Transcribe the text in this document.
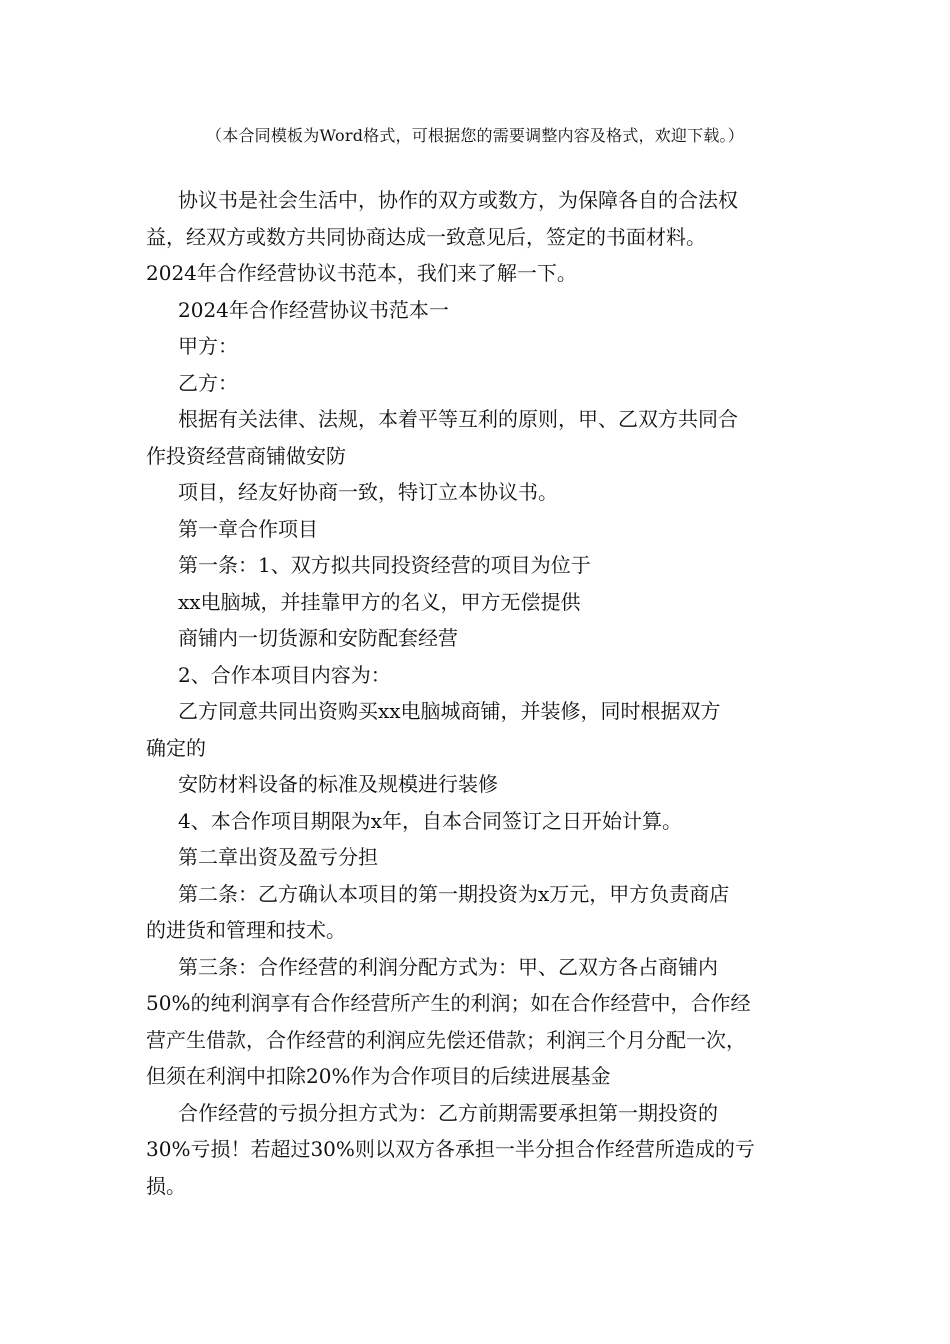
（本合同模板为Word格式，可根据您的需要调整内容及格式，欢迎下载。）

协议书是社会生活中，协作的双方或数方，为保障各自的合法权

益，经双方或数方共同协商达成一致意见后，签定的书面材料。

2024年合作经营协议书范本，我们来了解一下。

2024年合作经营协议书范本一

甲方：

乙方：

根据有关法律、法规，本着平等互利的原则，甲、乙双方共同合

作投资经营商铺做安防

项目，经友好协商一致，特订立本协议书。

第一章合作项目

第一条：1、双方拟共同投资经营的项目为位于

xx电脑城，并挂靠甲方的名义，甲方无偿提供

商铺内一切货源和安防配套经营

2、合作本项目内容为：

乙方同意共同出资购买xx电脑城商铺，并装修，同时根据双方

确定的

安防材料设备的标准及规模进行装修

4、本合作项目期限为x年，自本合同签订之日开始计算。

第二章出资及盈亏分担

第二条：乙方确认本项目的第一期投资为x万元，甲方负责商店

的进货和管理和技术。

第三条：合作经营的利润分配方式为：甲、乙双方各占商铺内

50%的纯利润享有合作经营所产生的利润；如在合作经营中，合作经

营产生借款，合作经营的利润应先偿还借款；利润三个月分配一次，

但须在利润中扣除20%作为合作项目的后续进展基金

合作经营的亏损分担方式为：乙方前期需要承担第一期投资的

30%亏损！若超过30%则以双方各承担一半分担合作经营所造成的亏

损。
